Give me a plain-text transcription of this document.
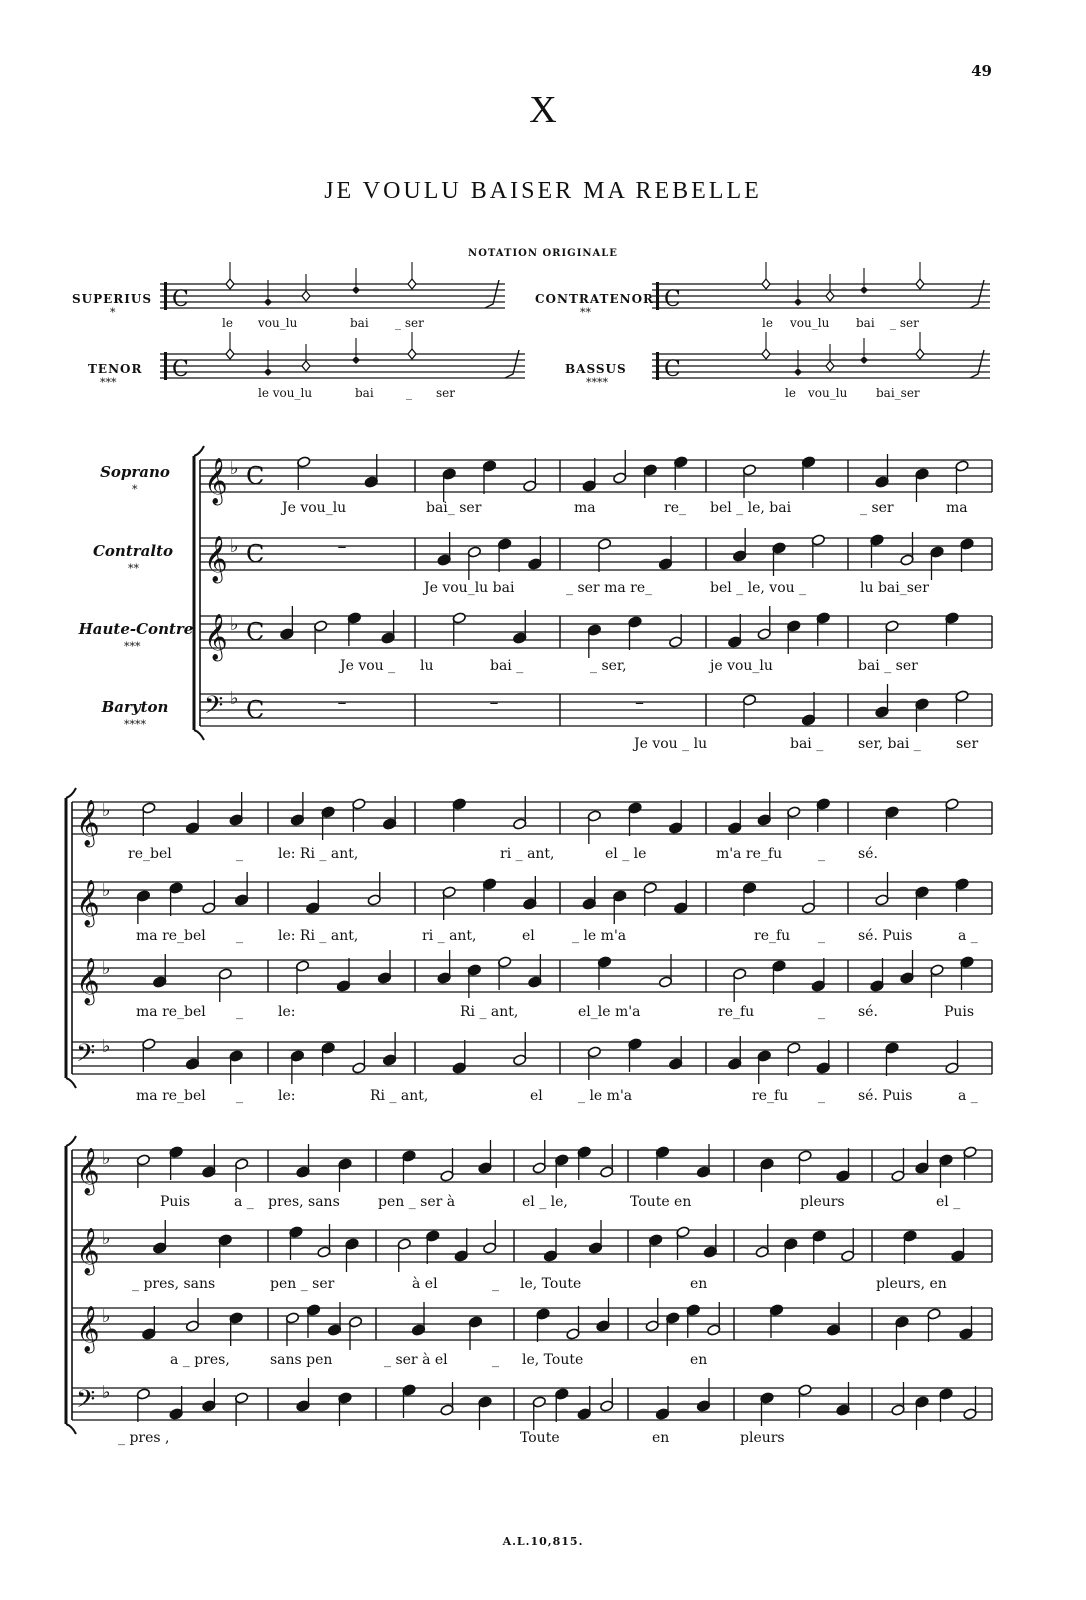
49
X
JE VOULU BAISER MA REBELLE
NOTATION ORIGINALE
SUPERIUS
*
CONTRATENOR
**
TENOR
***
BASSUS
****
le vou_lu	bai _ ser	le vou_lu bai _ ser
le vou_lu	bai	_ ser	le vou_lu bai_ser
Soprano
*
Contralto
**
Haute-Contre
***
Baryton
****
C	C
C	C
𝄞 ♭ C
𝄞 ♭ C
𝄞 ♭ C
𝄢 ♭ C
–
–	–	–
𝄞 ♭
𝄞 ♭
𝄞 ♭
𝄢 ♭
𝄞 ♭
𝄞 ♭
𝄞 ♭
𝄢 ♭
Je vou_lu	bai_ ser	ma	re_ bel _ le, bai	_ ser	ma
Je vou_lu bai	_ ser ma re_	bel _ le, vou _	lu bai_ser
Je vou _ lu	bai _	_ ser,	je vou_lu	bai _ ser
Je vou _ lu	bai _ ser, bai _	ser
re_bel	_	le: Ri _ ant,	ri _ ant,	el _ le	m'a re_fu	_ sé.
ma re_bel _	le: Ri _ ant,	ri _ ant,	el	_ le m'a	re_fu _ sé. Puis	a _
ma re_bel _	le:	Ri _ ant,	el_le m'a	re_fu	_ sé.	Puis
ma re_bel _	le:	Ri _ ant,	el	_ le m'a	re_fu _ sé. Puis	a _
Puis	a _ pres, sans	pen _ ser à	el _ le,	Toute en	pleurs	el _
_ pres, sans	pen _ ser	à el	_ le, Toute	en	pleurs, en
a _ pres,	sans pen	_ ser à el	_ le, Toute	en
_ pres ,	Toute	en	pleurs
A.L.10,815.
